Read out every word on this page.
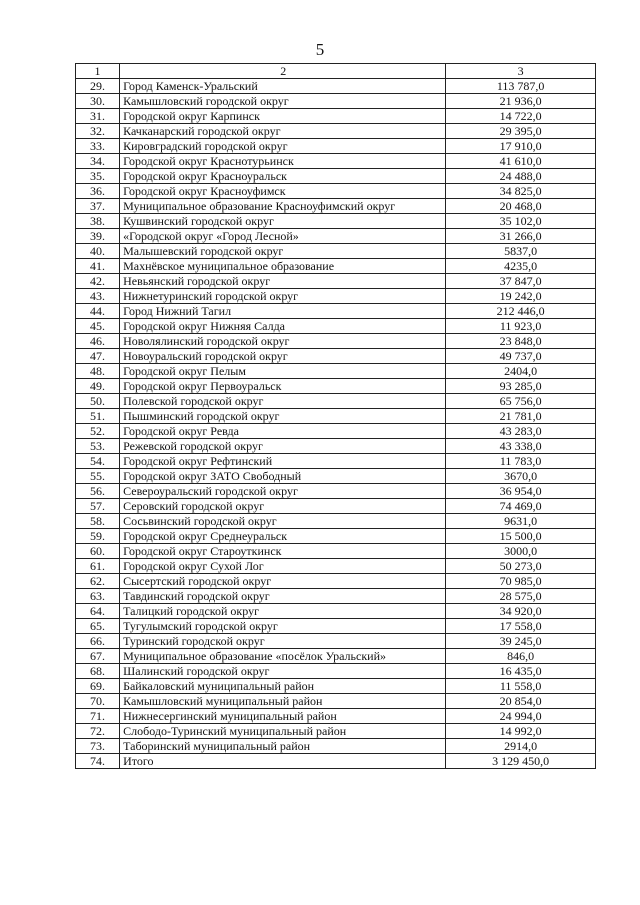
5
1	2	3
29.	Город Каменск-Уральский	113 787,0
30.	Камышловский городской округ	21 936,0
31.	Городской округ Карпинск	14 722,0
32.	Качканарский городской округ	29 395,0
33.	Кировградский городской округ	17 910,0
34.	Городской округ Краснотурьинск	41 610,0
35.	Городской округ Красноуральск	24 488,0
36.	Городской округ Красноуфимск	34 825,0
37.	Муниципальное образование Красноуфимский округ	20 468,0
38.	Кушвинский городской округ	35 102,0
39.	«Городской округ «Город Лесной»	31 266,0
40.	Малышевский городской округ	5837,0
41.	Махнёвское муниципальное образование	4235,0
42.	Невьянский городской округ	37 847,0
43.	Нижнетуринский городской округ	19 242,0
44.	Город Нижний Тагил	212 446,0
45.	Городской округ Нижняя Салда	11 923,0
46.	Новолялинский городской округ	23 848,0
47.	Новоуральский городской округ	49 737,0
48.	Городской округ Пелым	2404,0
49.	Городской округ Первоуральск	93 285,0
50.	Полевской городской округ	65 756,0
51.	Пышминский городской округ	21 781,0
52.	Городской округ Ревда	43 283,0
53.	Режевской городской округ	43 338,0
54.	Городской округ Рефтинский	11 783,0
55.	Городской округ ЗАТО Свободный	3670,0
56.	Североуральский городской округ	36 954,0
57.	Серовский городской округ	74 469,0
58.	Сосьвинский городской округ	9631,0
59.	Городской округ Среднеуральск	15 500,0
60.	Городской округ Староуткинск	3000,0
61.	Городской округ Сухой Лог	50 273,0
62.	Сысертский городской округ	70 985,0
63.	Тавдинский городской округ	28 575,0
64.	Талицкий городской округ	34 920,0
65.	Тугулымский городской округ	17 558,0
66.	Туринский городской округ	39 245,0
67.	Муниципальное образование «посёлок Уральский»	846,0
68.	Шалинский городской округ	16 435,0
69.	Байкаловский муниципальный район	11 558,0
70.	Камышловский муниципальный район	20 854,0
71.	Нижнесергинский муниципальный район	24 994,0
72.	Слободо-Туринский муниципальный район	14 992,0
73.	Таборинский муниципальный район	2914,0
74.	Итого	3 129 450,0
